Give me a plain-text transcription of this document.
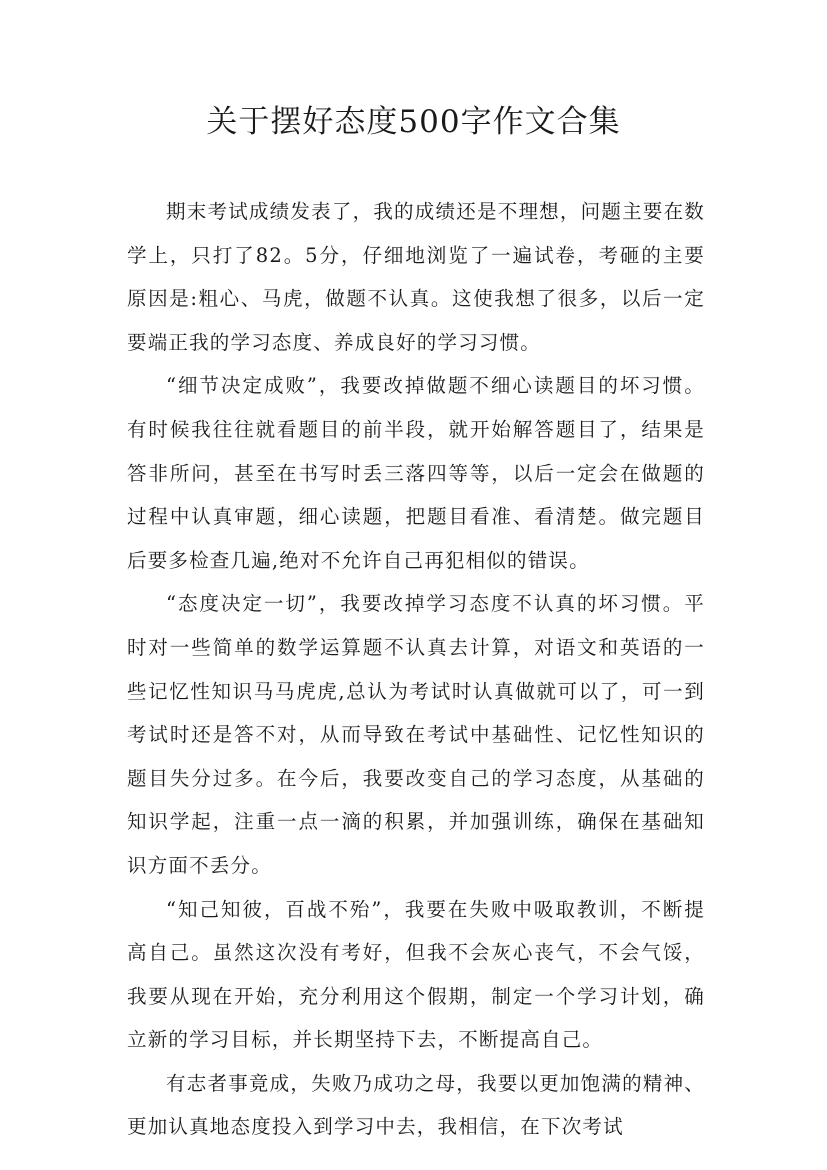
关于摆好态度500字作文合集

期末考试成绩发表了，我的成绩还是不理想，问题主要在数学上，只打了82。5分，仔细地浏览了一遍试卷，考砸的主要原因是:粗心、马虎，做题不认真。这使我想了很多，以后一定要端正我的学习态度、养成良好的学习习惯。

“细节决定成败”，我要改掉做题不细心读题目的坏习惯。有时候我往往就看题目的前半段，就开始解答题目了，结果是答非所问，甚至在书写时丢三落四等等，以后一定会在做题的过程中认真审题，细心读题，把题目看准、看清楚。做完题目后要多检查几遍,绝对不允许自己再犯相似的错误。

“态度决定一切”，我要改掉学习态度不认真的坏习惯。平时对一些简单的数学运算题不认真去计算，对语文和英语的一些记忆性知识马马虎虎,总认为考试时认真做就可以了，可一到考试时还是答不对，从而导致在考试中基础性、记忆性知识的题目失分过多。在今后，我要改变自己的学习态度，从基础的知识学起，注重一点一滴的积累，并加强训练，确保在基础知识方面不丢分。

“知己知彼，百战不殆”，我要在失败中吸取教训，不断提高自己。虽然这次没有考好，但我不会灰心丧气，不会气馁，我要从现在开始，充分利用这个假期，制定一个学习计划，确立新的学习目标，并长期坚持下去，不断提高自己。

有志者事竟成，失败乃成功之母，我要以更加饱满的精神、更加认真地态度投入到学习中去，我相信，在下次考试
